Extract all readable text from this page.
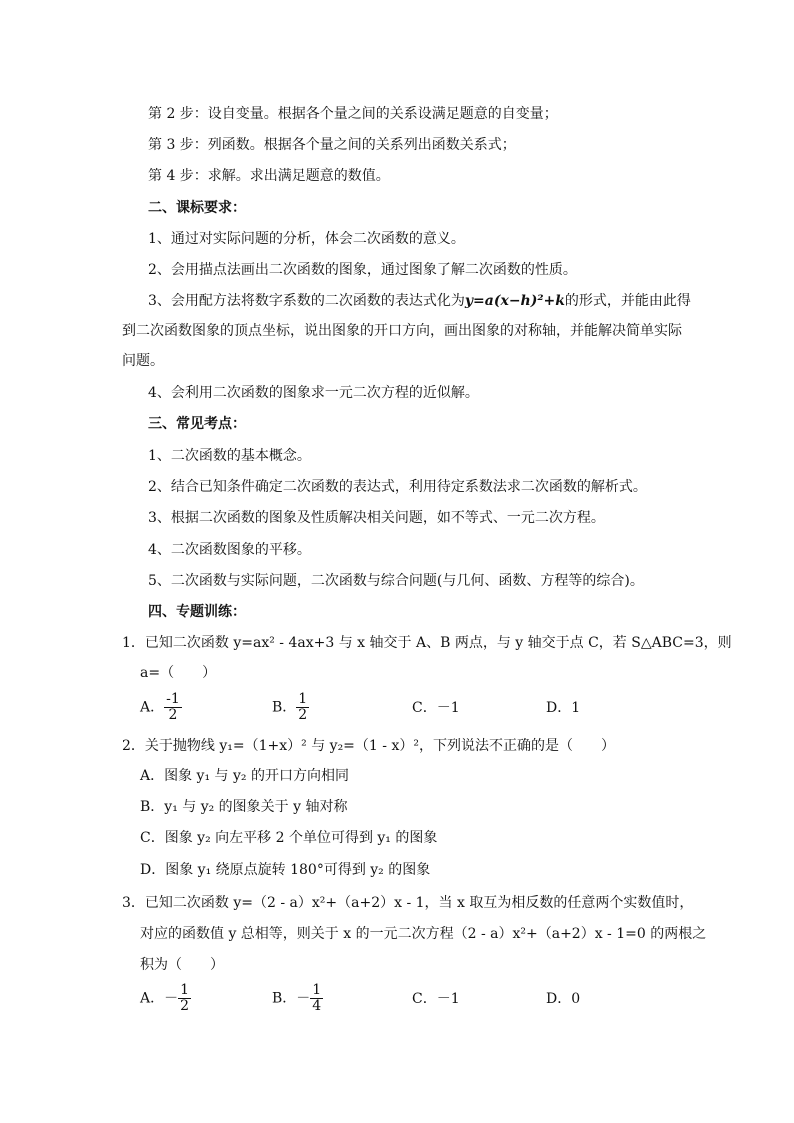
第 2 步：设自变量。根据各个量之间的关系设满足题意的自变量；
第 3 步：列函数。根据各个量之间的关系列出函数关系式；
第 4 步：求解。求出满足题意的数值。
二、课标要求：
1、通过对实际问题的分析，体会二次函数的意义。
2、会用描点法画出二次函数的图象，通过图象了解二次函数的性质。
3、会用配方法将数字系数的二次函数的表达式化为y=a(x−h)²+k的形式，并能由此得
到二次函数图象的顶点坐标，说出图象的开口方向，画出图象的对称轴，并能解决简单实际
问题。
4、会利用二次函数的图象求一元二次方程的近似解。
三、常见考点：
1、二次函数的基本概念。
2、结合已知条件确定二次函数的表达式，利用待定系数法求二次函数的解析式。
3、根据二次函数的图象及性质解决相关问题，如不等式、一元二次方程。
4、二次函数图象的平移。
5、二次函数与实际问题，二次函数与综合问题(与几何、函数、方程等的综合)。
四、专题训练：
1．已知二次函数 y=ax² - 4ax+3 与 x 轴交于 A、B 两点，与 y 轴交于点 C，若 S△ABC=3，则
a=（　　）
A． $\frac{-1}{2}$	B． $\frac{1}{2}$	C．－1	D．1
2．关于抛物线 y₁=（1+x）² 与 y₂=（1 - x）²，下列说法不正确的是（　　）
A．图象 y₁ 与 y₂ 的开口方向相同
B．y₁ 与 y₂ 的图象关于 y 轴对称
C．图象 y₂ 向左平移 2 个单位可得到 y₁ 的图象
D．图象 y₁ 绕原点旋转 180°可得到 y₂ 的图象
3．已知二次函数 y=（2 - a）x²+（a+2）x - 1，当 x 取互为相反数的任意两个实数值时，
对应的函数值 y 总相等，则关于 x 的一元二次方程（2 - a）x²+（a+2）x - 1=0 的两根之
积为（　　）
A．－ $\frac{1}{2}$	B．－ $\frac{1}{4}$	C．－1	D．0
